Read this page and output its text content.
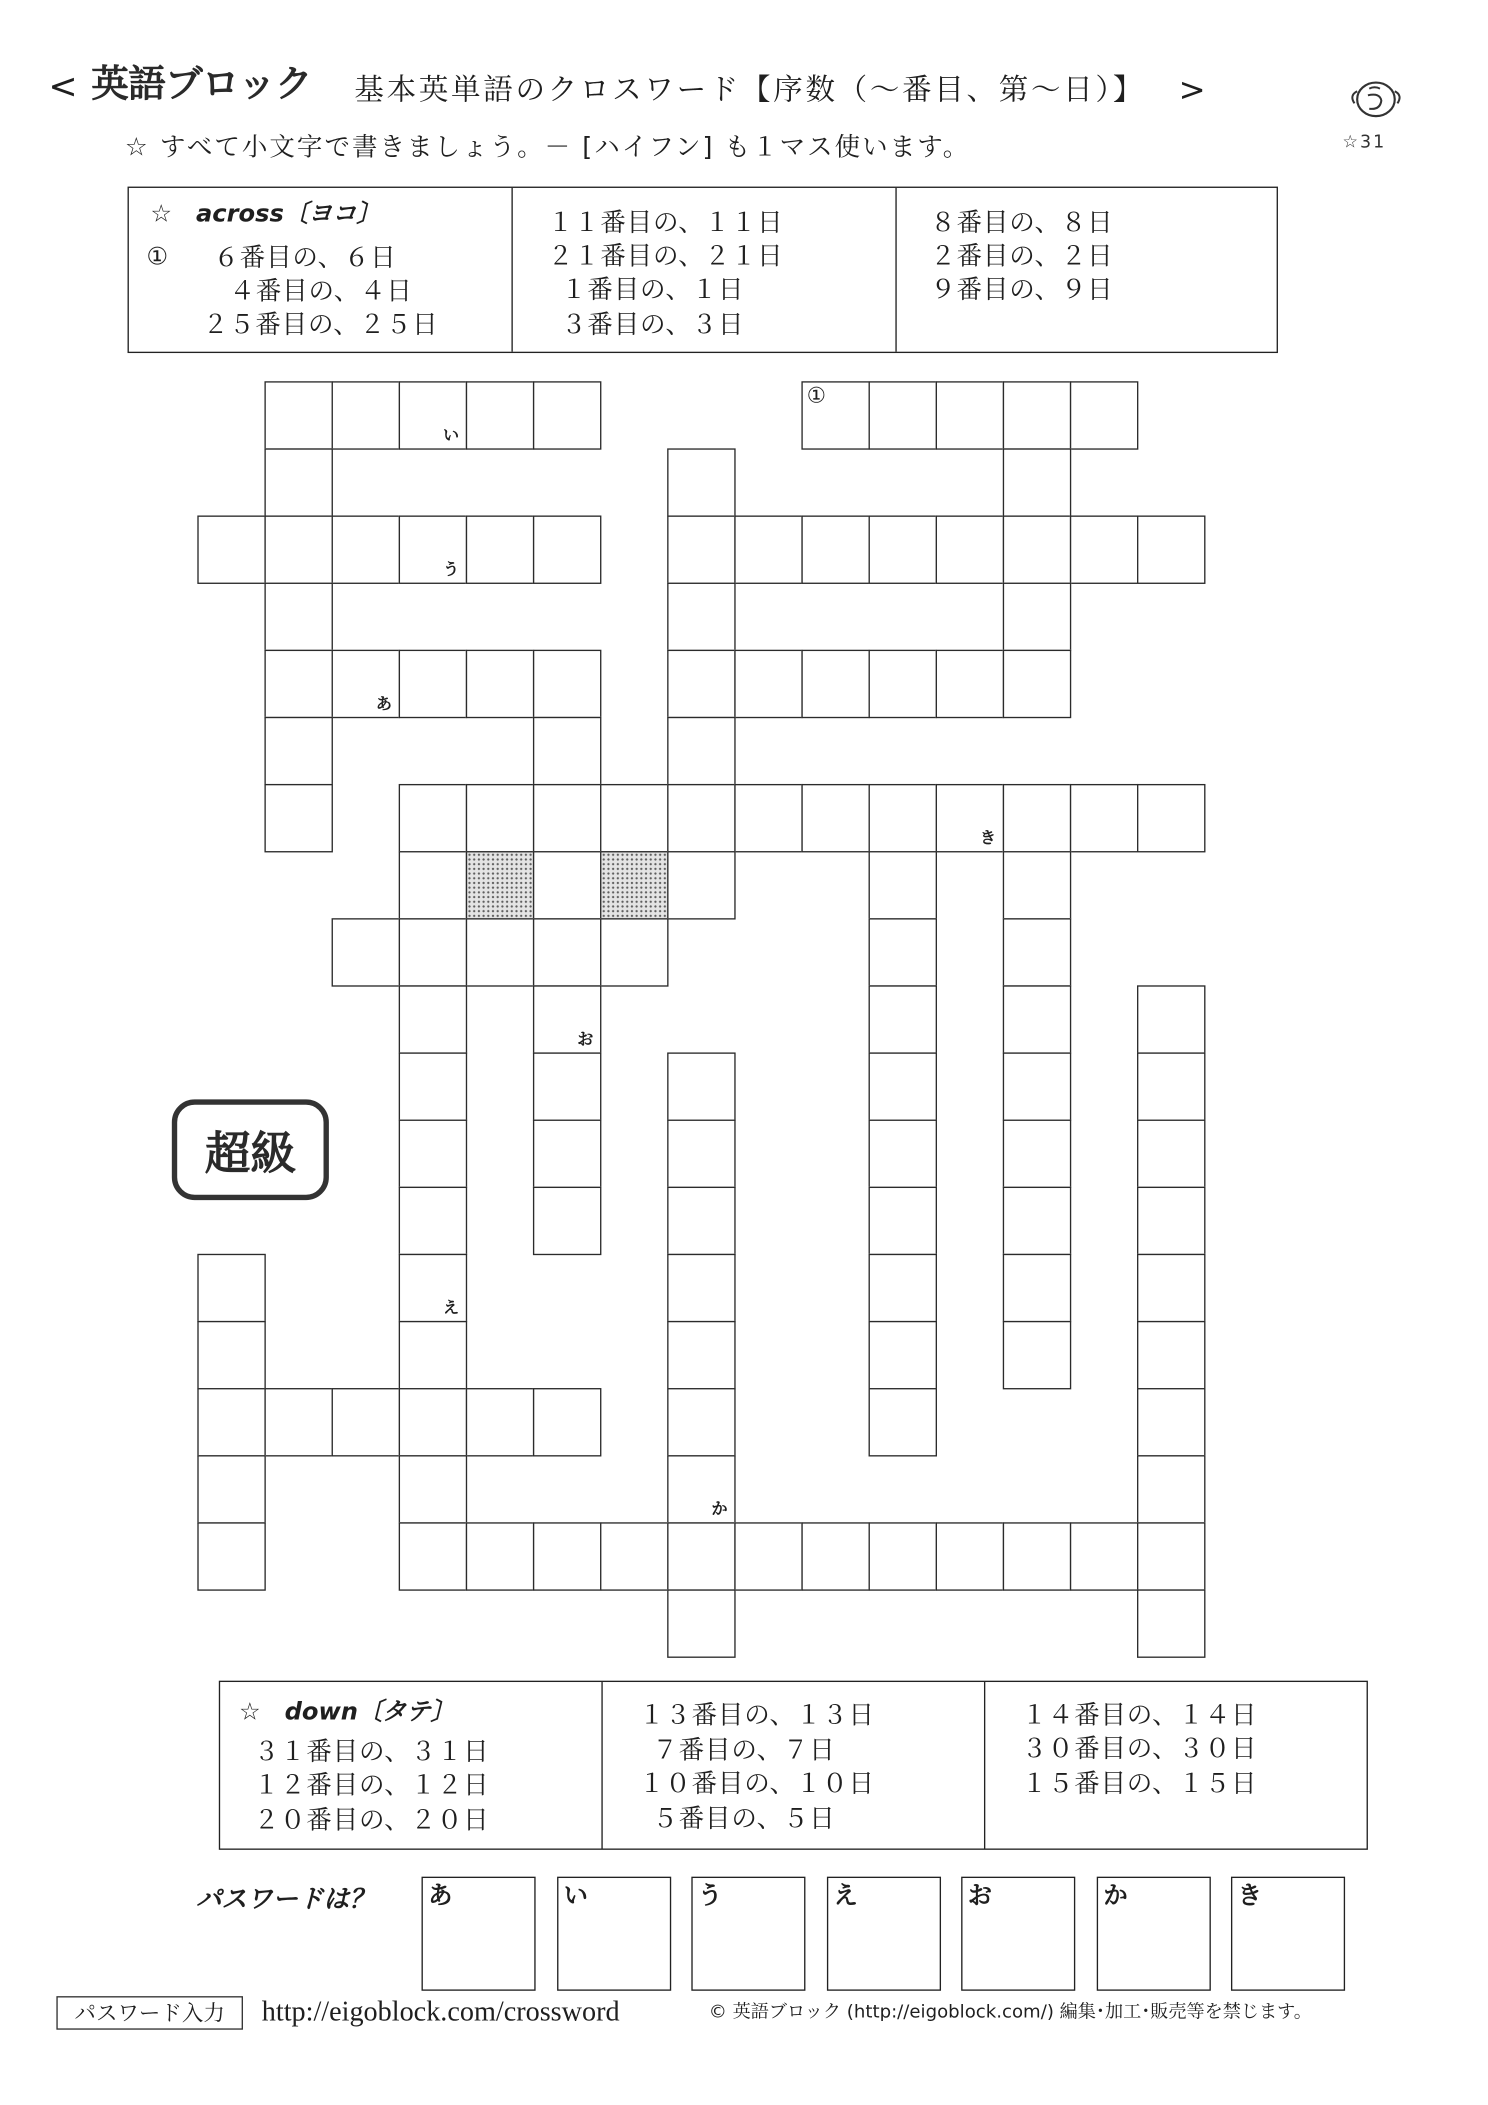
< 英語ブロック 基本英単語のクロスワード【序数（～番目、第～日）】 >
☆ すべて小文字で書きましょう。－ [ハイフン] も１マス使います。	☆31
☆ across〔ヨコ〕
① ６番目の、６日
４番目の、４日
２５番目の、２５日
１１番目の、１１日
２１番目の、２１日
１番目の、１日
３番目の、３日
８番目の、８日
２番目の、２日
９番目の、９日
い
①
う
あ
き
お
え
か
超級
☆ down〔タテ〕
３１番目の、３１日
１２番目の、１２日
２０番目の、２０日
１３番目の、１３日
７番目の、７日
１０番目の、１０日
５番目の、５日
１４番目の、１４日
３０番目の、３０日
１５番目の、１５日
パスワードは？	あ	い	う	え	お	か	き
パスワード入力	http://eigoblock.com/crossword	© 英語ブロック (http://eigoblock.com/) 編集･加工･販売等を禁じます。
